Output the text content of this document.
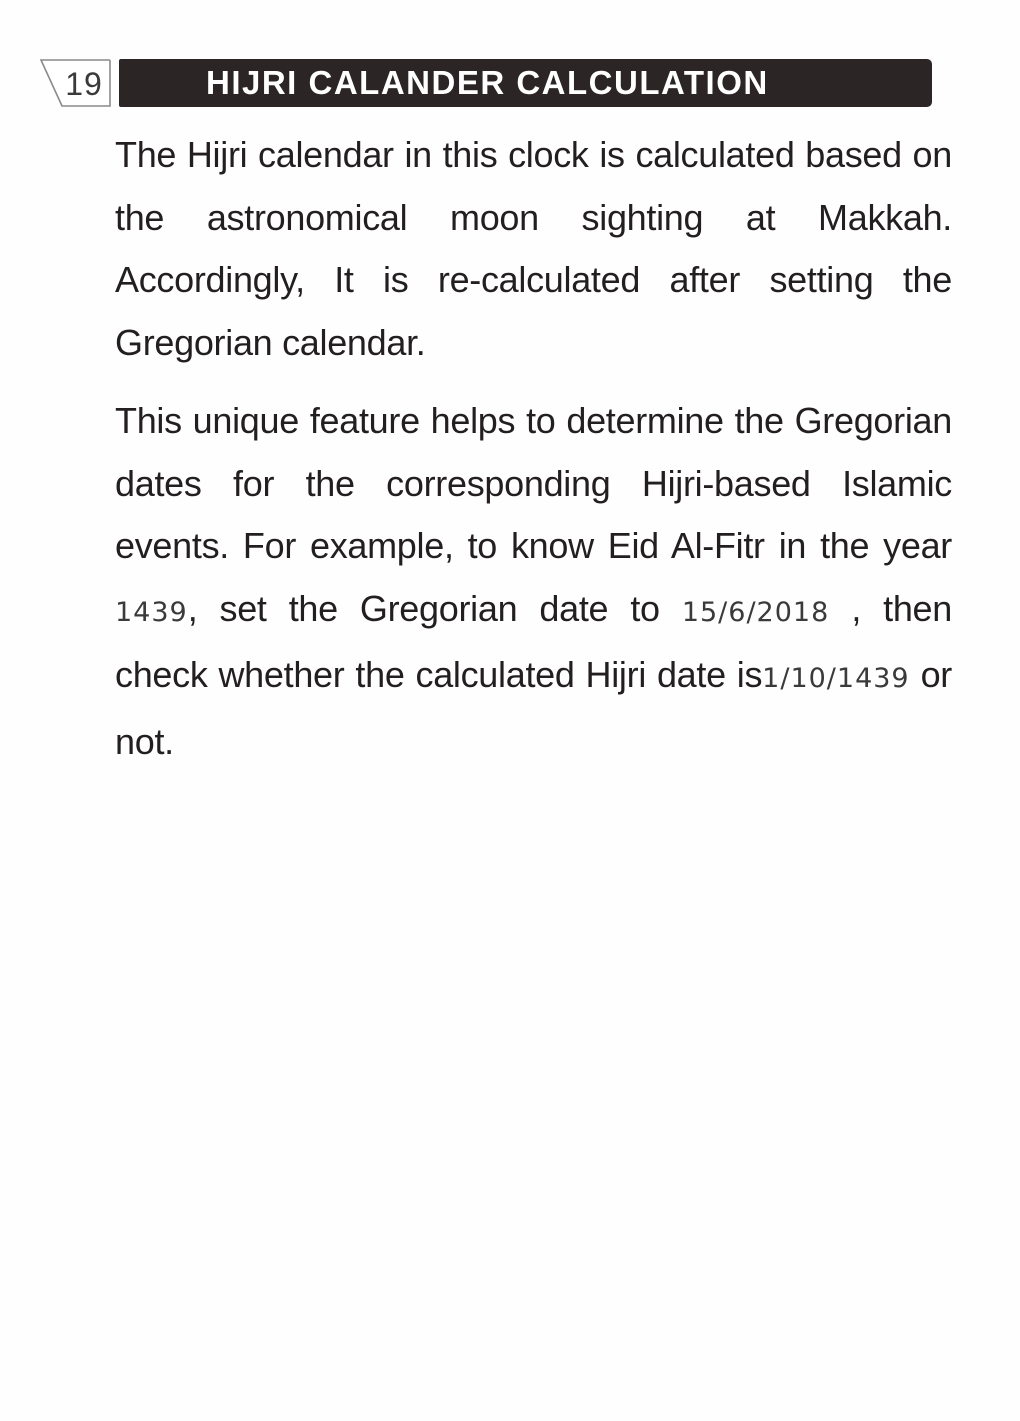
19	HIJRI CALANDER CALCULATION

The Hijri calendar in this clock is calculated based on the astronomical moon sighting at Makkah. Accordingly, It is re-calculated after setting the Gregorian calendar.

This unique feature helps to determine the Gregorian dates for the corresponding Hijri-based Islamic events. For example, to know Eid Al-Fitr in the year 1439, set the Gregorian date to 15/6/2018 , then check whether the calculated Hijri date is1/10/1439 or not.
